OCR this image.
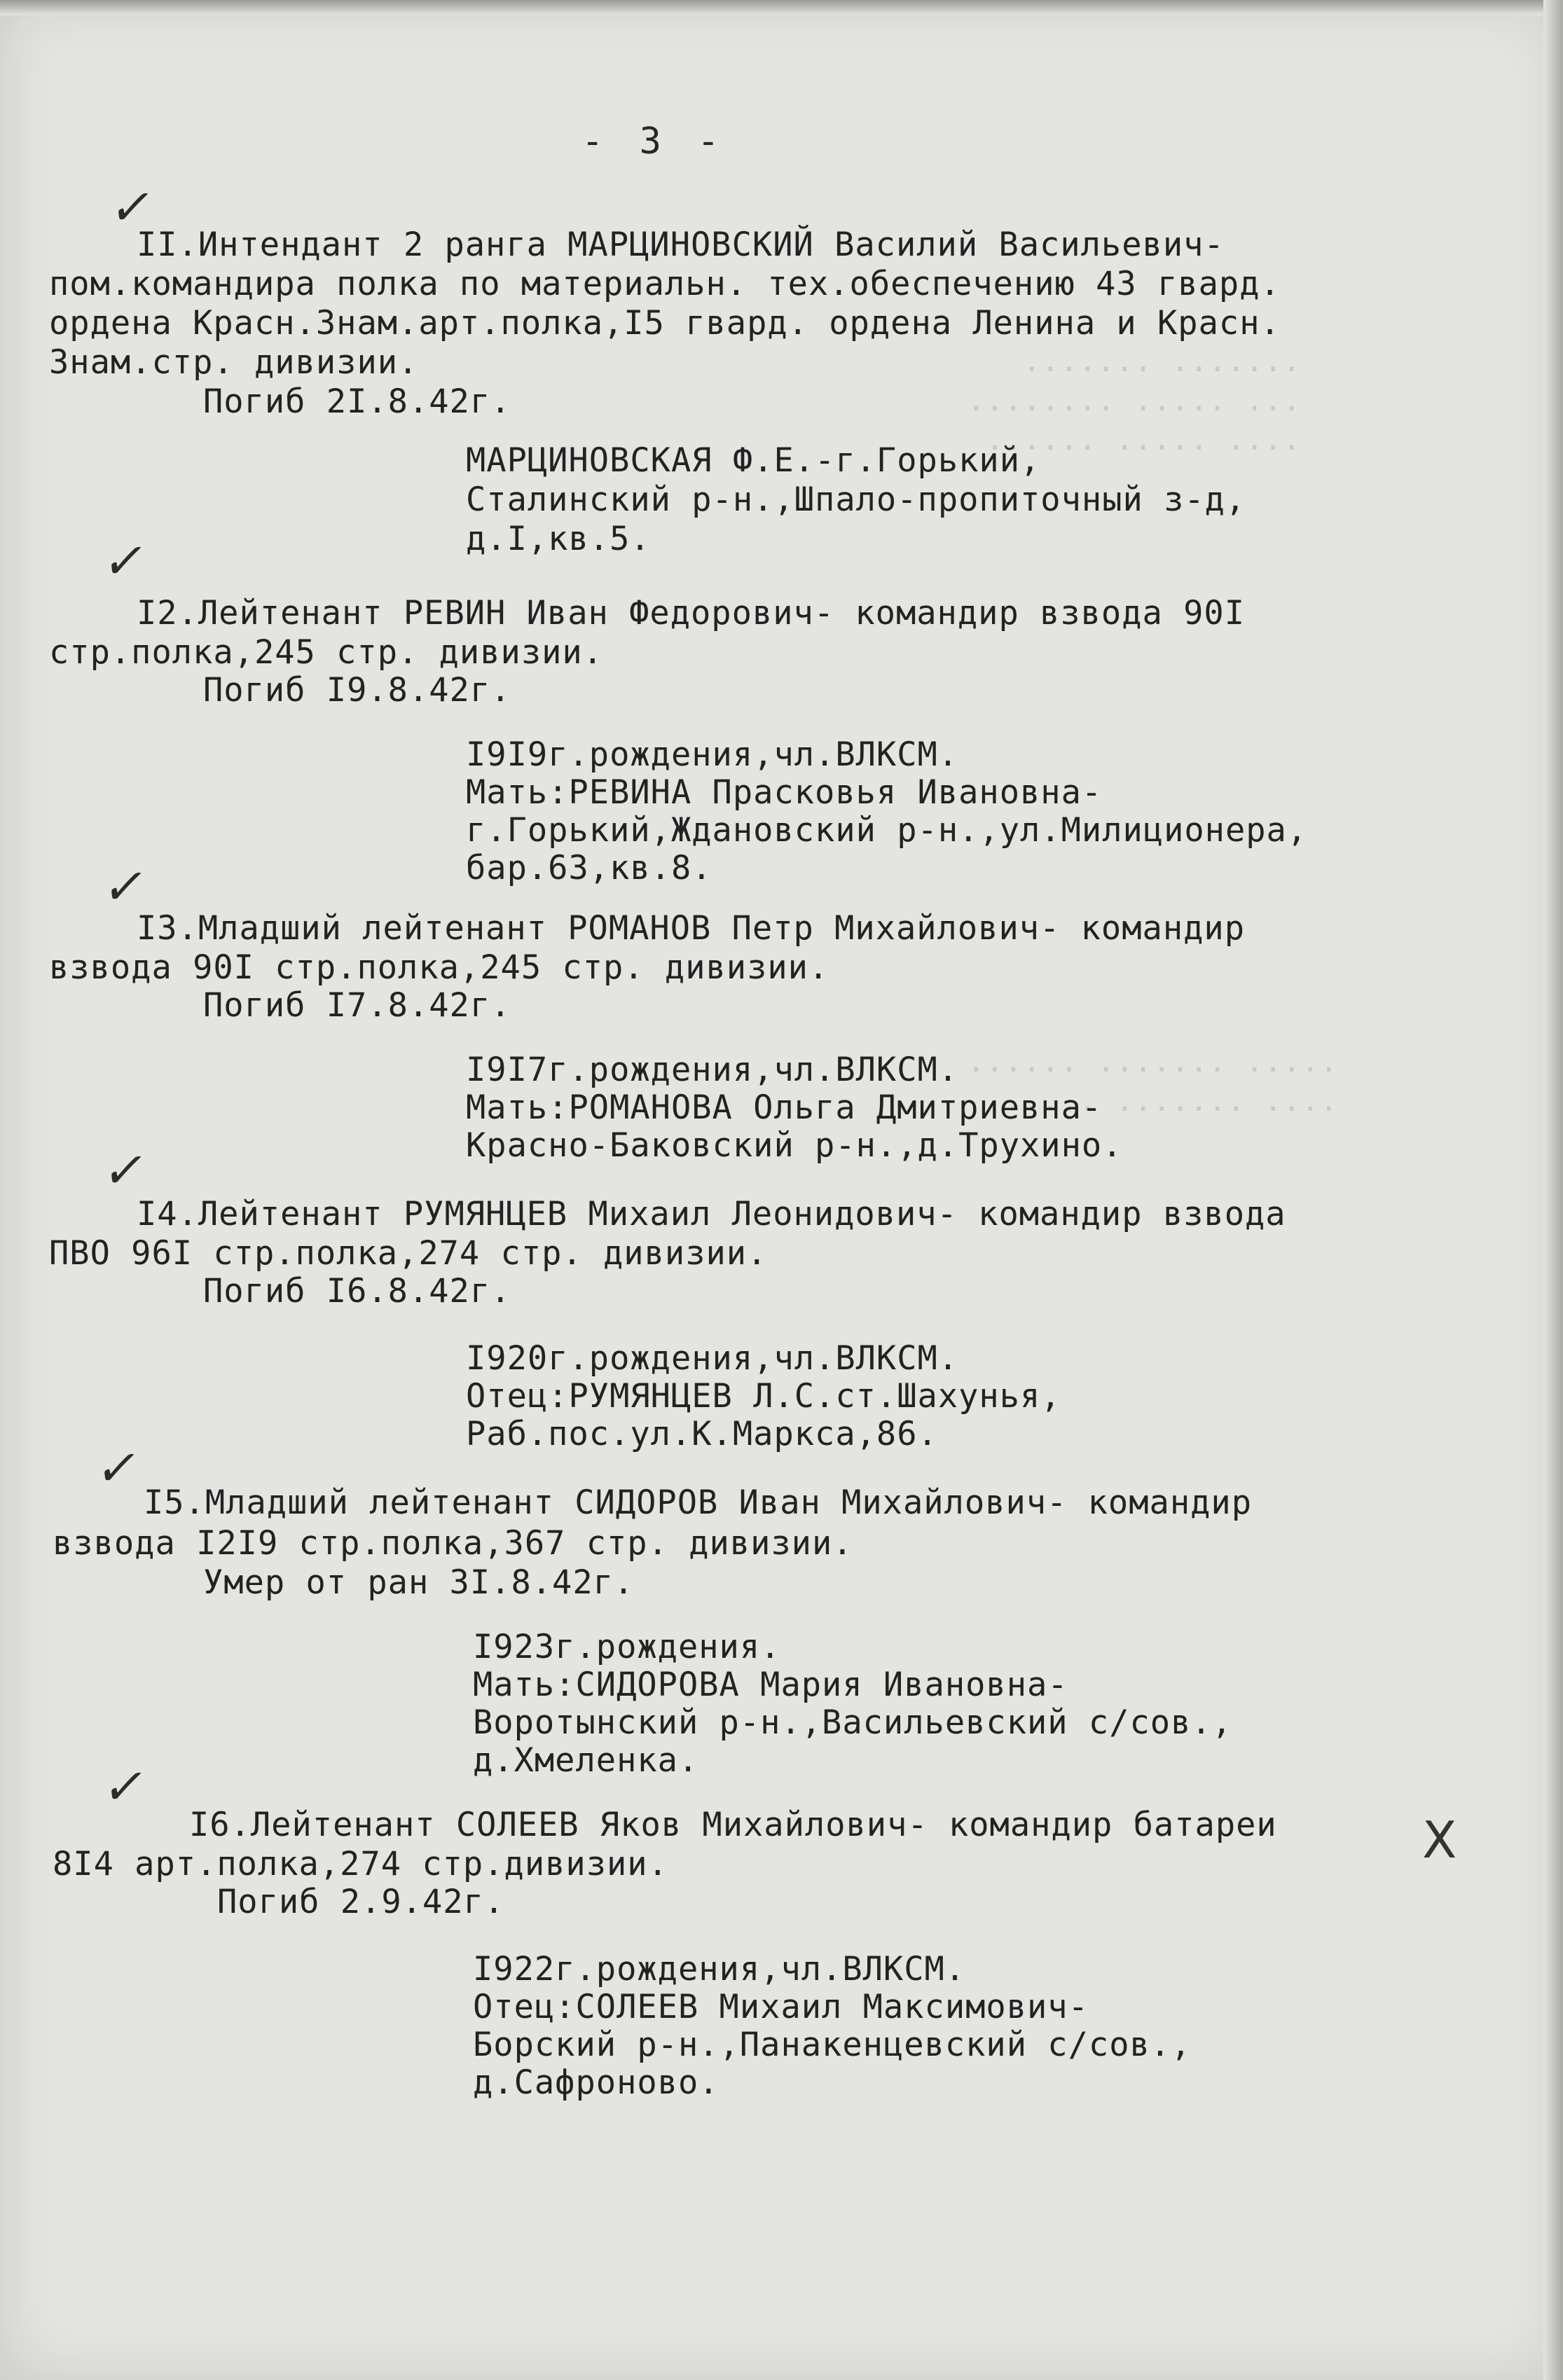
······· ·······
··· ····· ········
···· ····· ······
····· ······· ······
···· ······· ·····
- 3 -
✓
✓
✓
✓
✓
✓
X
II.Интендант 2 ранга МАРЦИНОВСКИЙ Василий Васильевич-
пом.командира полка по материальн. тех.обеспечению 43 гвард.
ордена Красн.Знам.арт.полка,I5 гвард. ордена Ленина и Красн.
Знам.стр. дивизии.
Погиб 2I.8.42г.
МАРЦИНОВСКАЯ Ф.Е.-г.Горький,
Сталинский р-н.,Шпало-пропиточный з-д,
д.I,кв.5.
I2.Лейтенант РЕВИН Иван Федорович- командир взвода 90I
стр.полка,245 стр. дивизии.
Погиб I9.8.42г.
I9I9г.рождения,чл.ВЛКСМ.
Мать:РЕВИНА Прасковья Ивановна-
г.Горький,Ждановский р-н.,ул.Милиционера,
бар.63,кв.8.
I3.Младший лейтенант РОМАНОВ Петр Михайлович- командир
взвода 90I стр.полка,245 стр. дивизии.
Погиб I7.8.42г.
I9I7г.рождения,чл.ВЛКСМ.
Мать:РОМАНОВА Ольга Дмитриевна-
Красно-Баковский р-н.,д.Трухино.
I4.Лейтенант РУМЯНЦЕВ Михаил Леонидович- командир взвода
ПВО 96I стр.полка,274 стр. дивизии.
Погиб I6.8.42г.
I920г.рождения,чл.ВЛКСМ.
Отец:РУМЯНЦЕВ Л.С.ст.Шахунья,
Раб.пос.ул.К.Маркса,86.
I5.Младший лейтенант СИДОРОВ Иван Михайлович- командир
взвода I2I9 стр.полка,367 стр. дивизии.
Умер от ран 3I.8.42г.
I923г.рождения.
Мать:СИДОРОВА Мария Ивановна-
Воротынский р-н.,Васильевский с/сов.,
д.Хмеленка.
I6.Лейтенант СОЛЕЕВ Яков Михайлович- командир батареи
8I4 арт.полка,274 стр.дивизии.
Погиб 2.9.42г.
I922г.рождения,чл.ВЛКСМ.
Отец:СОЛЕЕВ Михаил Максимович-
Борский р-н.,Панакенцевский с/сов.,
д.Сафроново.
